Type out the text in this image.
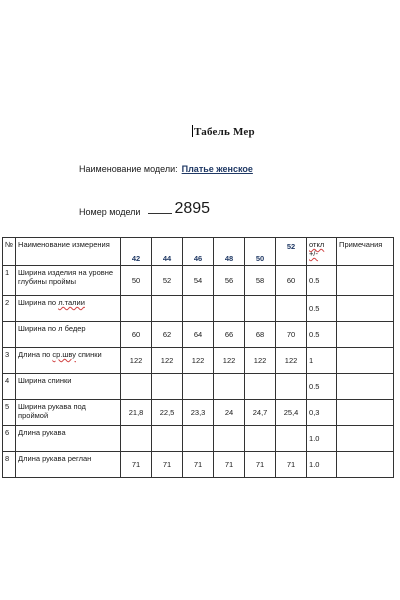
Табель Мер
Наименование модели: Платье женское
Номер модели 2895
№	Наименование измерения	42	44	46	48	50	52	откл +/-	Примечания
1	Ширина изделия на уровне глубины проймы	50	52	54	56	58	60	0.5	
2	Ширина по л.талии							0.5	
	Ширина по л бедер	60	62	64	66	68	70	0.5	
3	Длина по ср.шву спинки	122	122	122	122	122	122	1	
4	Ширина спинки							0.5	
5	Ширина рукава под проймой	21,8	22,5	23,3	24	24,7	25,4	0,3	
6	Длина рукава							1.0	
8	Длина рукава реглан	71	71	71	71	71	71	1.0	
